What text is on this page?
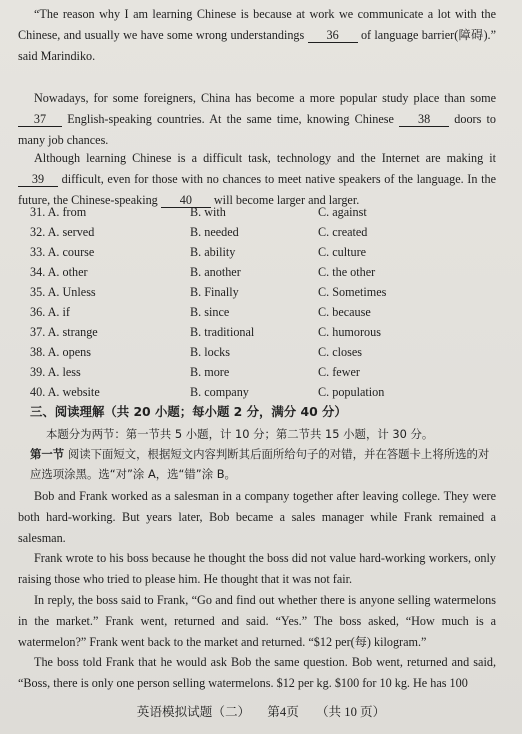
“The reason why I am learning Chinese is because at work we communicate a lot with the Chinese, and usually we have some wrong understandings 36 of language barrier(障碍).” said Marindiko.
Nowadays, for some foreigners, China has become a more popular study place than some 37 English-speaking countries. At the same time, knowing Chinese 38 doors to many job chances.
Although learning Chinese is a difficult task, technology and the Internet are making it 39 difficult, even for those with no chances to meet native speakers of the language. In the future, the Chinese-speaking 40 will become larger and larger.
31. A. from	B. with	C. against
32. A. served	B. needed	C. created
33. A. course	B. ability	C. culture
34. A. other	B. another	C. the other
35. A. Unless	B. Finally	C. Sometimes
36. A. if	B. since	C. because
37. A. strange	B. traditional	C. humorous
38. A. opens	B. locks	C. closes
39. A. less	B. more	C. fewer
40. A. website	B. company	C. population
三、阅读理解（共 20 小题；每小题 2 分，满分 40 分）
本题分为两节：第一节共 5 小题，计 10 分；第二节共 15 小题，计 30 分。
第一节 阅读下面短文，根据短文内容判断其后面所给句子的对错，并在答题卡上将所选的对应选项涂黑。选“对”涂 A，选“错”涂 B。
Bob and Frank worked as a salesman in a company together after leaving college. They were both hard-working. But years later, Bob became a sales manager while Frank remained a salesman.
Frank wrote to his boss because he thought the boss did not value hard-working workers, only raising those who tried to please him. He thought that it was not fair.
In reply, the boss said to Frank, “Go and find out whether there is anyone selling watermelons in the market.” Frank went, returned and said. “Yes.” The boss asked, “How much is a watermelon?” Frank went back to the market and returned. “$12 per(每) kilogram.”
The boss told Frank that he would ask Bob the same question. Bob went, returned and said, “Boss, there is only one person selling watermelons. $12 per kg. $100 for 10 kg. He has 100
英语模拟试题（二） 第4页 （共 10 页）
